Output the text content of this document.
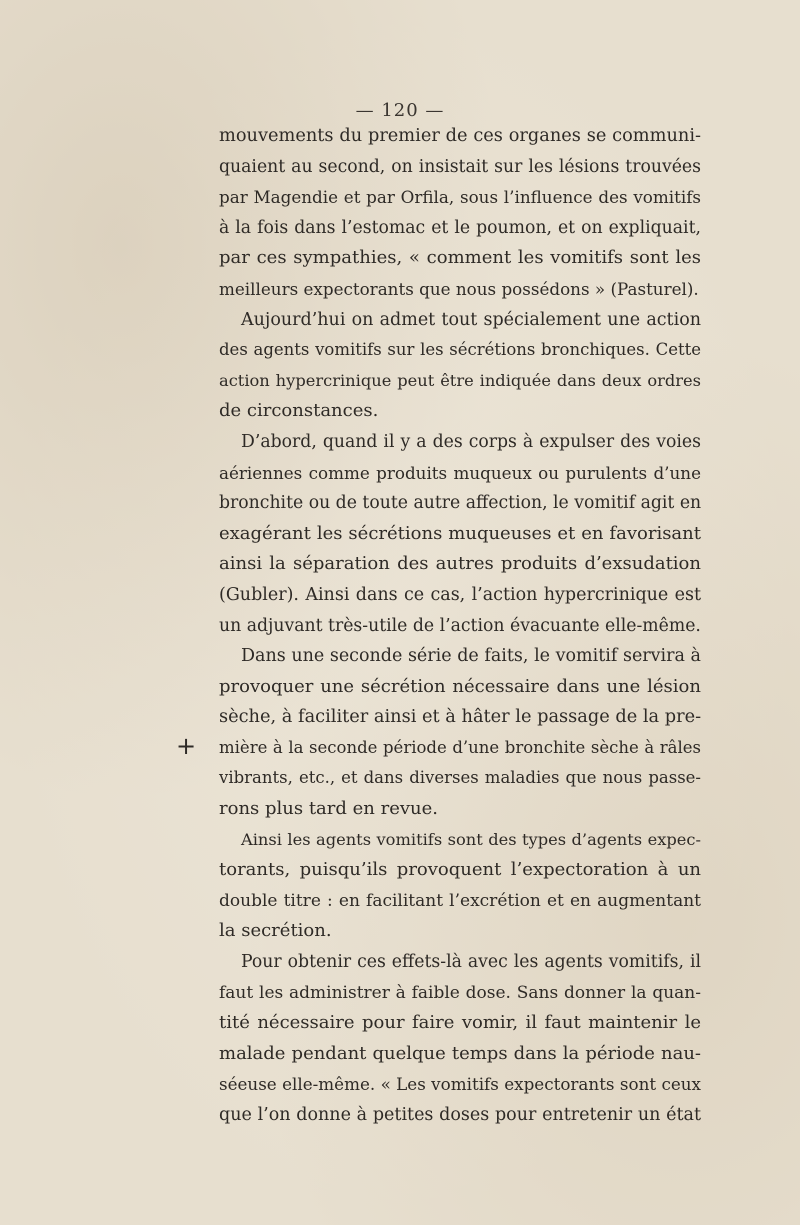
— 120 —
+
mouvements du premier de ces organes se communi-
quaient au second, on insistait sur les lésions trouvées
par Magendie et par Orfila, sous l’influence des vomitifs
à la fois dans l’estomac et le poumon, et on expliquait,
par ces sympathies, « comment les vomitifs sont les
meilleurs expectorants que nous possédons » (Pasturel).
Aujourd’hui on admet tout spécialement une action
des agents vomitifs sur les sécrétions bronchiques. Cette
action hypercrinique peut être indiquée dans deux ordres
de circonstances.
D’abord, quand il y a des corps à expulser des voies
aériennes comme produits muqueux ou purulents d’une
bronchite ou de toute autre affection, le vomitif agit en
exagérant les sécrétions muqueuses et en favorisant
ainsi la séparation des autres produits d’exsudation
(Gubler). Ainsi dans ce cas, l’action hypercrinique est
un adjuvant très-utile de l’action évacuante elle-même.
Dans une seconde série de faits, le vomitif servira à
provoquer une sécrétion nécessaire dans une lésion
sèche, à faciliter ainsi et à hâter le passage de la pre-
mière à la seconde période d’une bronchite sèche à râles
vibrants, etc., et dans diverses maladies que nous passe-
rons plus tard en revue.
Ainsi les agents vomitifs sont des types d’agents expec-
torants, puisqu’ils provoquent l’expectoration à un
double titre : en facilitant l’excrétion et en augmentant
la secrétion.
Pour obtenir ces effets-là avec les agents vomitifs, il
faut les administrer à faible dose. Sans donner la quan-
tité nécessaire pour faire vomir, il faut maintenir le
malade pendant quelque temps dans la période nau-
séeuse elle-même. « Les vomitifs expectorants sont ceux
que l’on donne à petites doses pour entretenir un état
